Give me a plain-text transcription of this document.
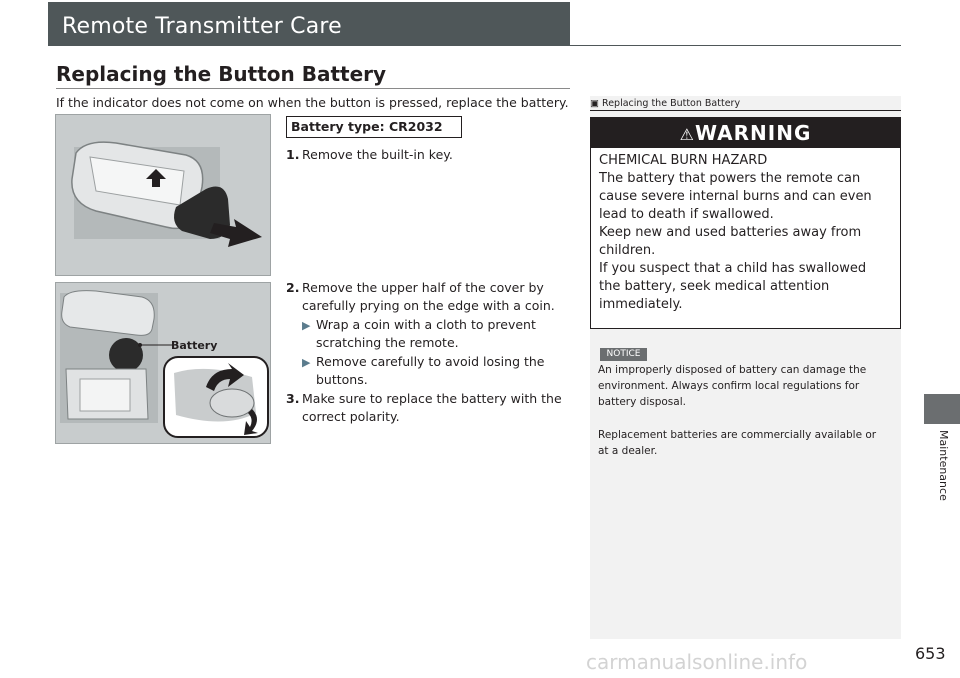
Remote Transmitter Care
Replacing the Button Battery
If the indicator does not come on when the button is pressed, replace the battery.
Battery
Battery type: CR2032
1. Remove the built-in key.
2. Remove the upper half of the cover by
carefully prying on the edge with a coin.
▶ Wrap a coin with a cloth to prevent
scratching the remote.
▶ Remove carefully to avoid losing the
buttons.
3. Make sure to replace the battery with the
correct polarity.
▣ Replacing the Button Battery
⚠WARNING
CHEMICAL BURN HAZARD
The battery that powers the remote can
cause severe internal burns and can even
lead to death if swallowed.
Keep new and used batteries away from
children.
If you suspect that a child has swallowed
the battery, seek medical attention
immediately.
NOTICE
An improperly disposed of battery can damage the
environment. Always confirm local regulations for
battery disposal.
Replacement batteries are commercially available or
at a dealer.	Maintenance
653
carmanualsonline.info
